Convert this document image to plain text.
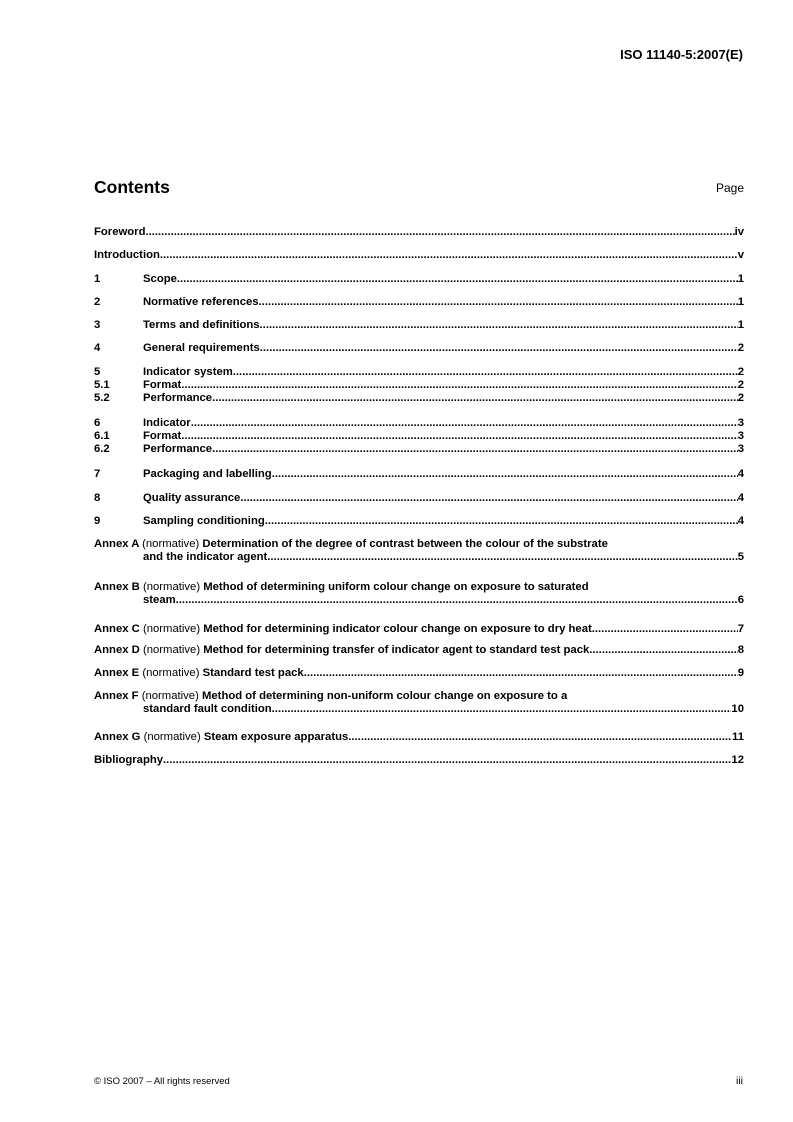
ISO 11140-5:2007(E)
Contents	Page
Foreword .....	iv
Introduction .....	v
1	Scope .....	1
2	Normative references .....	1
3	Terms and definitions .....	1
4	General requirements .....	2
5	Indicator system .....	2
5.1	Format .....	2
5.2	Performance .....	2
6	Indicator .....	3
6.1	Format .....	3
6.2	Performance .....	3
7	Packaging and labelling .....	4
8	Quality assurance .....	4
9	Sampling conditioning .....	4
Annex A (normative) Determination of the degree of contrast between the colour of the substrate
and the indicator agent .....	5
Annex B (normative) Method of determining uniform colour change on exposure to saturated
steam .....	6
Annex C (normative) Method for determining indicator colour change on exposure to dry heat .....	7
Annex D (normative) Method for determining transfer of indicator agent to standard test pack .....	8
Annex E (normative) Standard test pack .....	9
Annex F (normative) Method of determining non-uniform colour change on exposure to a
standard fault condition .....	10
Annex G (normative) Steam exposure apparatus .....	11
Bibliography .....	12
© ISO 2007 – All rights reserved	iii
